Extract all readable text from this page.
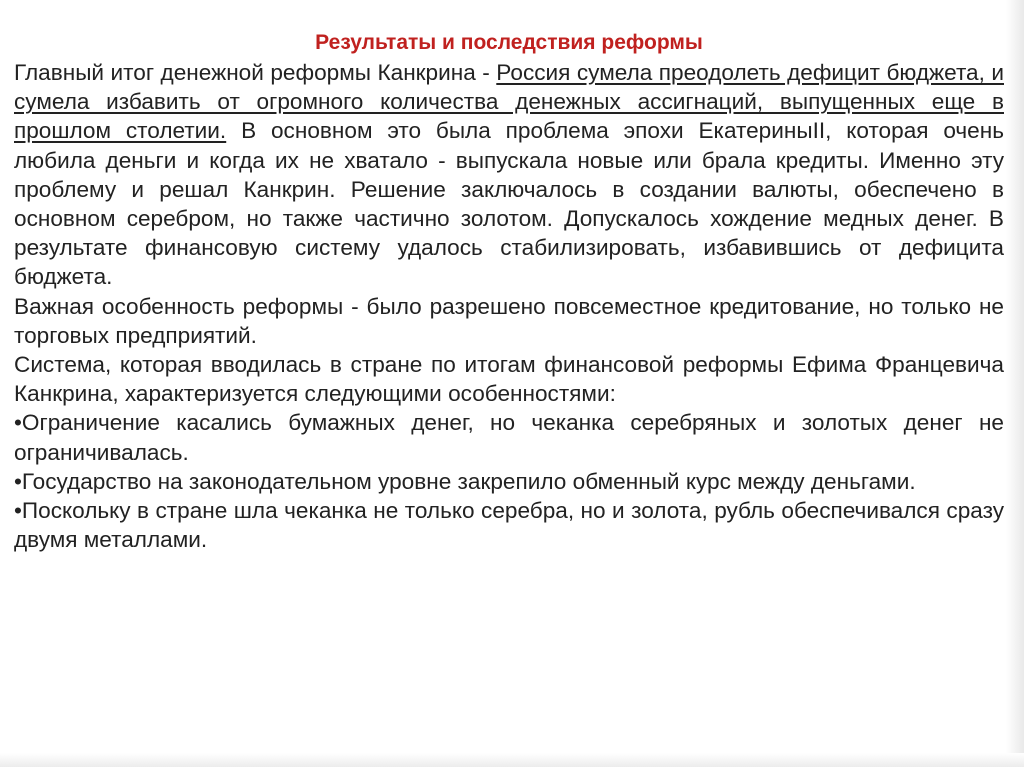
Результаты и последствия реформы

Главный итог денежной реформы Канкрина - Россия сумела преодолеть дефицит бюджета, и сумела избавить от огромного количества денежных ассигнаций, выпущенных еще в прошлом столетии. В основном это была проблема эпохи ЕкатериныII, которая очень любила деньги и когда их не хватало - выпускала новые или брала кредиты. Именно эту проблему и решал Канкрин. Решение заключалось в создании валюты, обеспечено в основном серебром, но также частично золотом. Допускалось хождение медных денег. В результате финансовую систему удалось стабилизировать, избавившись от дефицита бюджета.

Важная особенность реформы - было разрешено повсеместное кредитование, но только не торговых предприятий.

Система, которая вводилась в стране по итогам финансовой реформы Ефима Францевича Канкрина, характеризуется следующими особенностями:

•Ограничение касались бумажных денег, но чеканка серебряных и золотых денег не ограничивалась.

•Государство на законодательном уровне закрепило обменный курс между деньгами.

•Поскольку в стране шла чеканка не только серебра, но и золота, рубль обеспечивался сразу двумя металлами.
